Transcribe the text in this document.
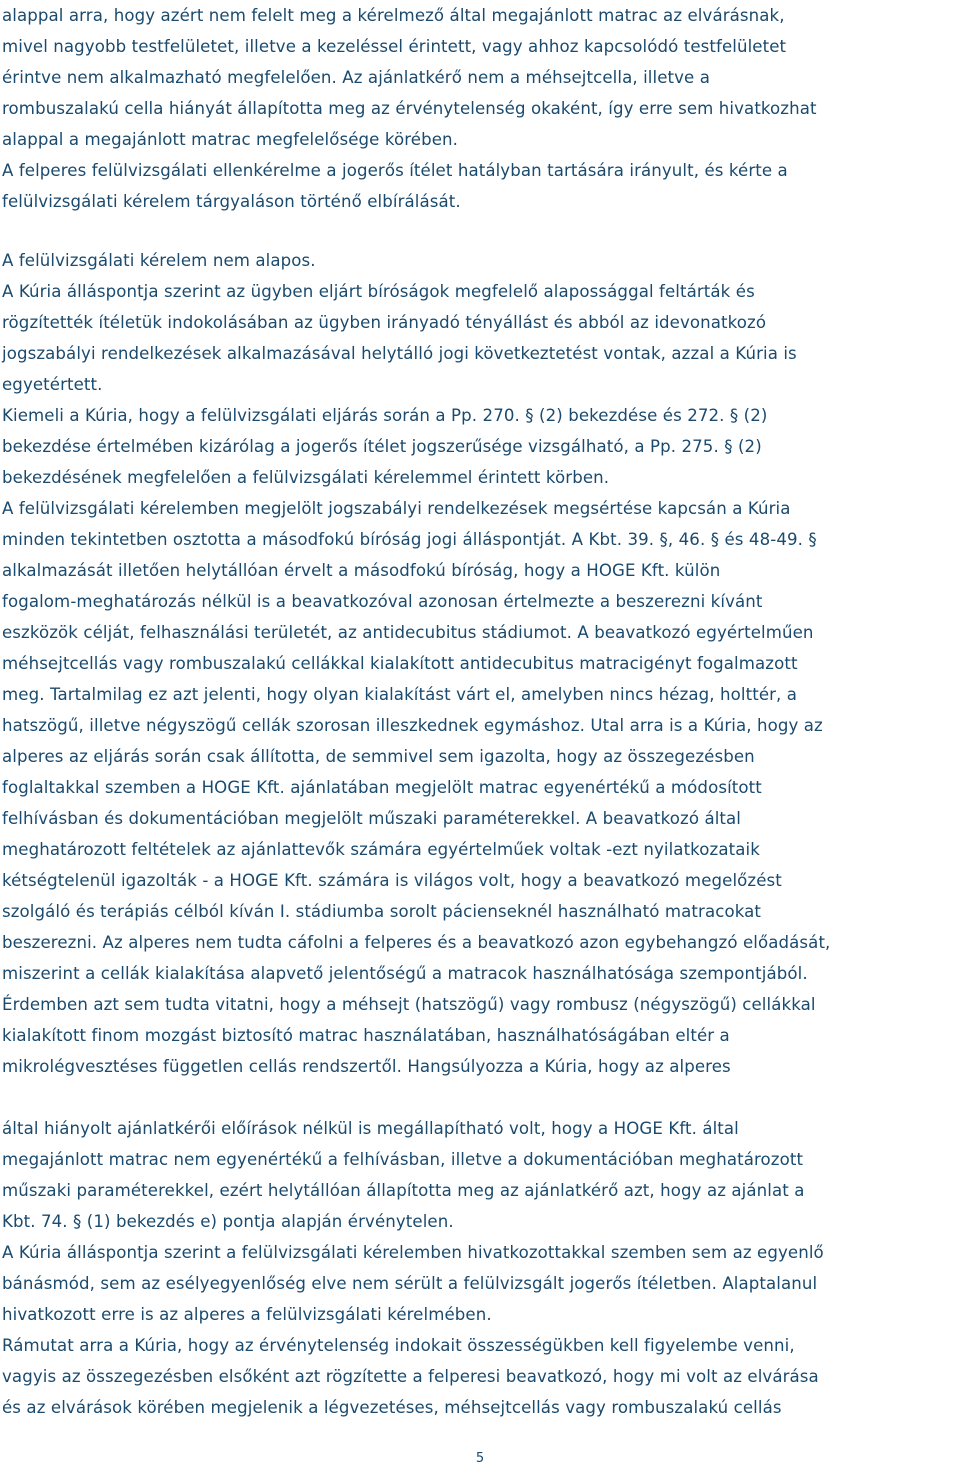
alappal arra, hogy azért nem felelt meg a kérelmező által megajánlott matrac az elvárásnak,
mivel nagyobb testfelületet, illetve a kezeléssel érintett, vagy ahhoz kapcsolódó testfelületet
érintve nem alkalmazható megfelelően. Az ajánlatkérő nem a méhsejtcella, illetve a
rombuszalakú cella hiányát állapította meg az érvénytelenség okaként, így erre sem hivatkozhat
alappal a megajánlott matrac megfelelősége körében.
A felperes felülvizsgálati ellenkérelme a jogerős ítélet hatályban tartására irányult, és kérte a
felülvizsgálati kérelem tárgyaláson történő elbírálását.
A felülvizsgálati kérelem nem alapos.
A Kúria álláspontja szerint az ügyben eljárt bíróságok megfelelő alapossággal feltárták és
rögzítették ítéletük indokolásában az ügyben irányadó tényállást és abból az idevonatkozó
jogszabályi rendelkezések alkalmazásával helytálló jogi következtetést vontak, azzal a Kúria is
egyetértett.
Kiemeli a Kúria, hogy a felülvizsgálati eljárás során a Pp. 270. § (2) bekezdése és 272. § (2)
bekezdése értelmében kizárólag a jogerős ítélet jogszerűsége vizsgálható, a Pp. 275. § (2)
bekezdésének megfelelően a felülvizsgálati kérelemmel érintett körben.
A felülvizsgálati kérelemben megjelölt jogszabályi rendelkezések megsértése kapcsán a Kúria
minden tekintetben osztotta a másodfokú bíróság jogi álláspontját. A Kbt. 39. §, 46. § és 48-49. §
alkalmazását illetően helytállóan érvelt a másodfokú bíróság, hogy a HOGE Kft. külön
fogalom-meghatározás nélkül is a beavatkozóval azonosan értelmezte a beszerezni kívánt
eszközök célját, felhasználási területét, az antidecubitus stádiumot. A beavatkozó egyértelműen
méhsejtcellás vagy rombuszalakú cellákkal kialakított antidecubitus matracigényt fogalmazott
meg. Tartalmilag ez azt jelenti, hogy olyan kialakítást várt el, amelyben nincs hézag, holttér, a
hatszögű, illetve négyszögű cellák szorosan illeszkednek egymáshoz. Utal arra is a Kúria, hogy az
alperes az eljárás során csak állította, de semmivel sem igazolta, hogy az összegezésben
foglaltakkal szemben a HOGE Kft. ajánlatában megjelölt matrac egyenértékű a módosított
felhívásban és dokumentációban megjelölt műszaki paraméterekkel. A beavatkozó által
meghatározott feltételek az ajánlattevők számára egyértelműek voltak -ezt nyilatkozataik
kétségtelenül igazolták - a HOGE Kft. számára is világos volt, hogy a beavatkozó megelőzést
szolgáló és terápiás célból kíván I. stádiumba sorolt pácienseknél használható matracokat
beszerezni. Az alperes nem tudta cáfolni a felperes és a beavatkozó azon egybehangzó előadását,
miszerint a cellák kialakítása alapvető jelentőségű a matracok használhatósága szempontjából.
Érdemben azt sem tudta vitatni, hogy a méhsejt (hatszögű) vagy rombusz (négyszögű) cellákkal
kialakított finom mozgást biztosító matrac használatában, használhatóságában eltér a
mikrolégvesztéses független cellás rendszertől. Hangsúlyozza a Kúria, hogy az alperes
által hiányolt ajánlatkérői előírások nélkül is megállapítható volt, hogy a HOGE Kft. által
megajánlott matrac nem egyenértékű a felhívásban, illetve a dokumentációban meghatározott
műszaki paraméterekkel, ezért helytállóan állapította meg az ajánlatkérő azt, hogy az ajánlat a
Kbt. 74. § (1) bekezdés e) pontja alapján érvénytelen.
A Kúria álláspontja szerint a felülvizsgálati kérelemben hivatkozottakkal szemben sem az egyenlő
bánásmód, sem az esélyegyenlőség elve nem sérült a felülvizsgált jogerős ítéletben. Alaptalanul
hivatkozott erre is az alperes a felülvizsgálati kérelmében.
Rámutat arra a Kúria, hogy az érvénytelenség indokait összességükben kell figyelembe venni,
vagyis az összegezésben elsőként azt rögzítette a felperesi beavatkozó, hogy mi volt az elvárása
és az elvárások körében megjelenik a légvezetéses, méhsejtcellás vagy rombuszalakú cellás
5
